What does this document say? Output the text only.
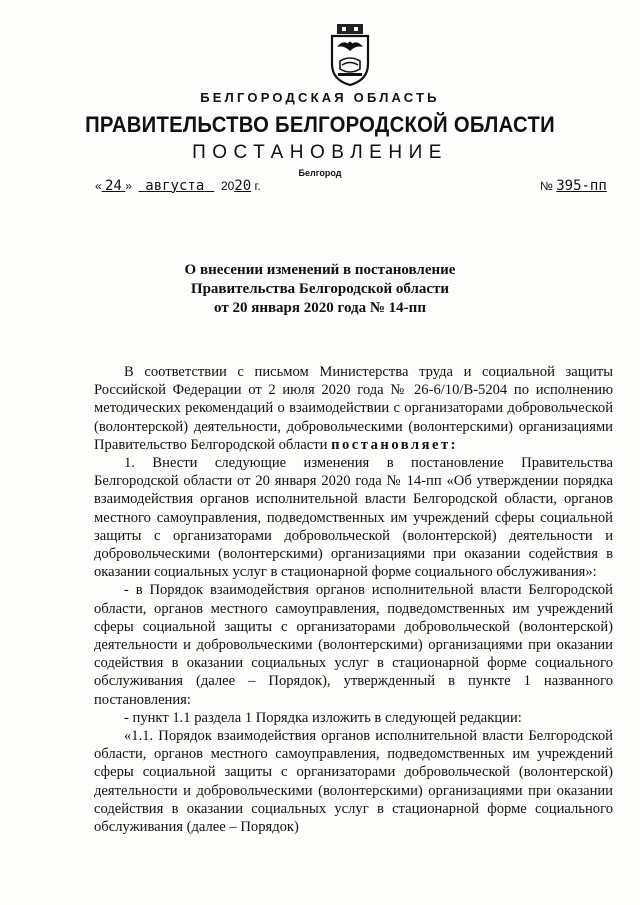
БЕЛГОРОДСКАЯ ОБЛАСТЬ
ПРАВИТЕЛЬСТВО БЕЛГОРОДСКОЙ ОБЛАСТИ
ПОСТАНОВЛЕНИЕ
Белгород
« 24 » августа 2020 г.	№ 395-пп
О внесении изменений в постановление
Правительства Белгородской области
от 20 января 2020 года № 14-пп

В соответствии с письмом Министерства труда и социальной защиты Российской Федерации от 2 июля 2020 года № 26-6/10/В-5204 по исполнению методических рекомендаций о взаимодействии с организаторами добровольческой (волонтерской) деятельности, добровольческими (волонтерскими) организациями Правительство Белгородской области постановляет:

1. Внести следующие изменения в постановление Правительства Белгородской области от 20 января 2020 года № 14-пп «Об утверждении порядка взаимодействия органов исполнительной власти Белгородской области, органов местного самоуправления, подведомственных им учреждений сферы социальной защиты с организаторами добровольческой (волонтерской) деятельности и добровольческими (волонтерскими) организациями при оказании содействия в оказании социальных услуг в стационарной форме социального обслуживания»:

- в Порядок взаимодействия органов исполнительной власти Белгородской области, органов местного самоуправления, подведомственных им учреждений сферы социальной защиты с организаторами добровольческой (волонтерской) деятельности и добровольческими (волонтерскими) организациями при оказании содействия в оказании социальных услуг в стационарной форме социального обслуживания (далее – Порядок), утвержденный в пункте 1 названного постановления:

- пункт 1.1 раздела 1 Порядка изложить в следующей редакции:

«1.1. Порядок взаимодействия органов исполнительной власти Белгородской области, органов местного самоуправления, подведомственных им учреждений сферы социальной защиты с организаторами добровольческой (волонтерской) деятельности и добровольческими (волонтерскими) организациями при оказании содействия в оказании социальных услуг в стационарной форме социального обслуживания (далее – Порядок)
